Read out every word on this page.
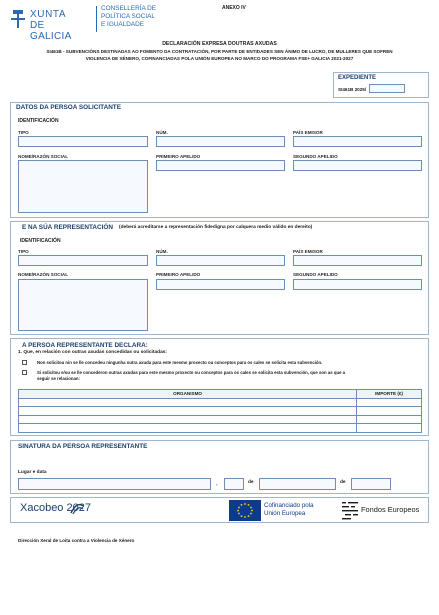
XUNTA
DE GALICIA
CONSELLERÍA DE
POLÍTICA SOCIAL
E IGUALDADE
ANEXO IV
DECLARACIÓN EXPRESA DOUTRAS AXUDAS
SI461B - SUBVENCIÓNS DESTINADAS AO FOMENTO DA CONTRATACIÓN, POR PARTE DE ENTIDADES SEN ÁNIMO DE LUCRO, DE MULLERES QUE SOFREN
VIOLENCIA DE XÉNERO, COFINANCIADAS POLA UNIÓN EUROPEA NO MARCO DO PROGRAMA FSE+ GALICIA 2021-2027
EXPEDIENTE
SI461B 2025/
DATOS DA PERSOA SOLICITANTE
IDENTIFICACIÓN
TIPO	NÚM.	PAÍS EMISOR
NOME/RAZÓN SOCIAL	PRIMEIRO APELIDO	SEGUNDO APELIDO
E NA SÚA REPRESENTACIÓN (deberá acreditarse a representación fidedigna por calquera medio válido en dereito)
IDENTIFICACIÓN
TIPO	NÚM.	PAÍS EMISOR
NOME/RAZÓN SOCIAL	PRIMEIRO APELIDO	SEGUNDO APELIDO
A PERSOA REPRESENTANTE DECLARA:
1. Que, en relación con outras axudas concedidas ou solicitadas:
Non solicitou nin se lle concedeu ningunha outra axuda para este mesmo proxecto ou conceptos para os cales se solicita esta subvención.
Si solicitou e/ou se lle concederon outras axudas para este mesmo proxecto ou conceptos para os cales se solicita esta subvención, que son as que a
seguir se relacionan:
ORGANISMO	IMPORTE (€)

SINATURA DA PERSOA REPRESENTANTE
Lugar e data
,	de	de
Xacobeo 2027	Cofinanciado pola
Unión Europea	Fondos Europeos
Dirección Xeral de Loita contra a Violencia de Xénero
